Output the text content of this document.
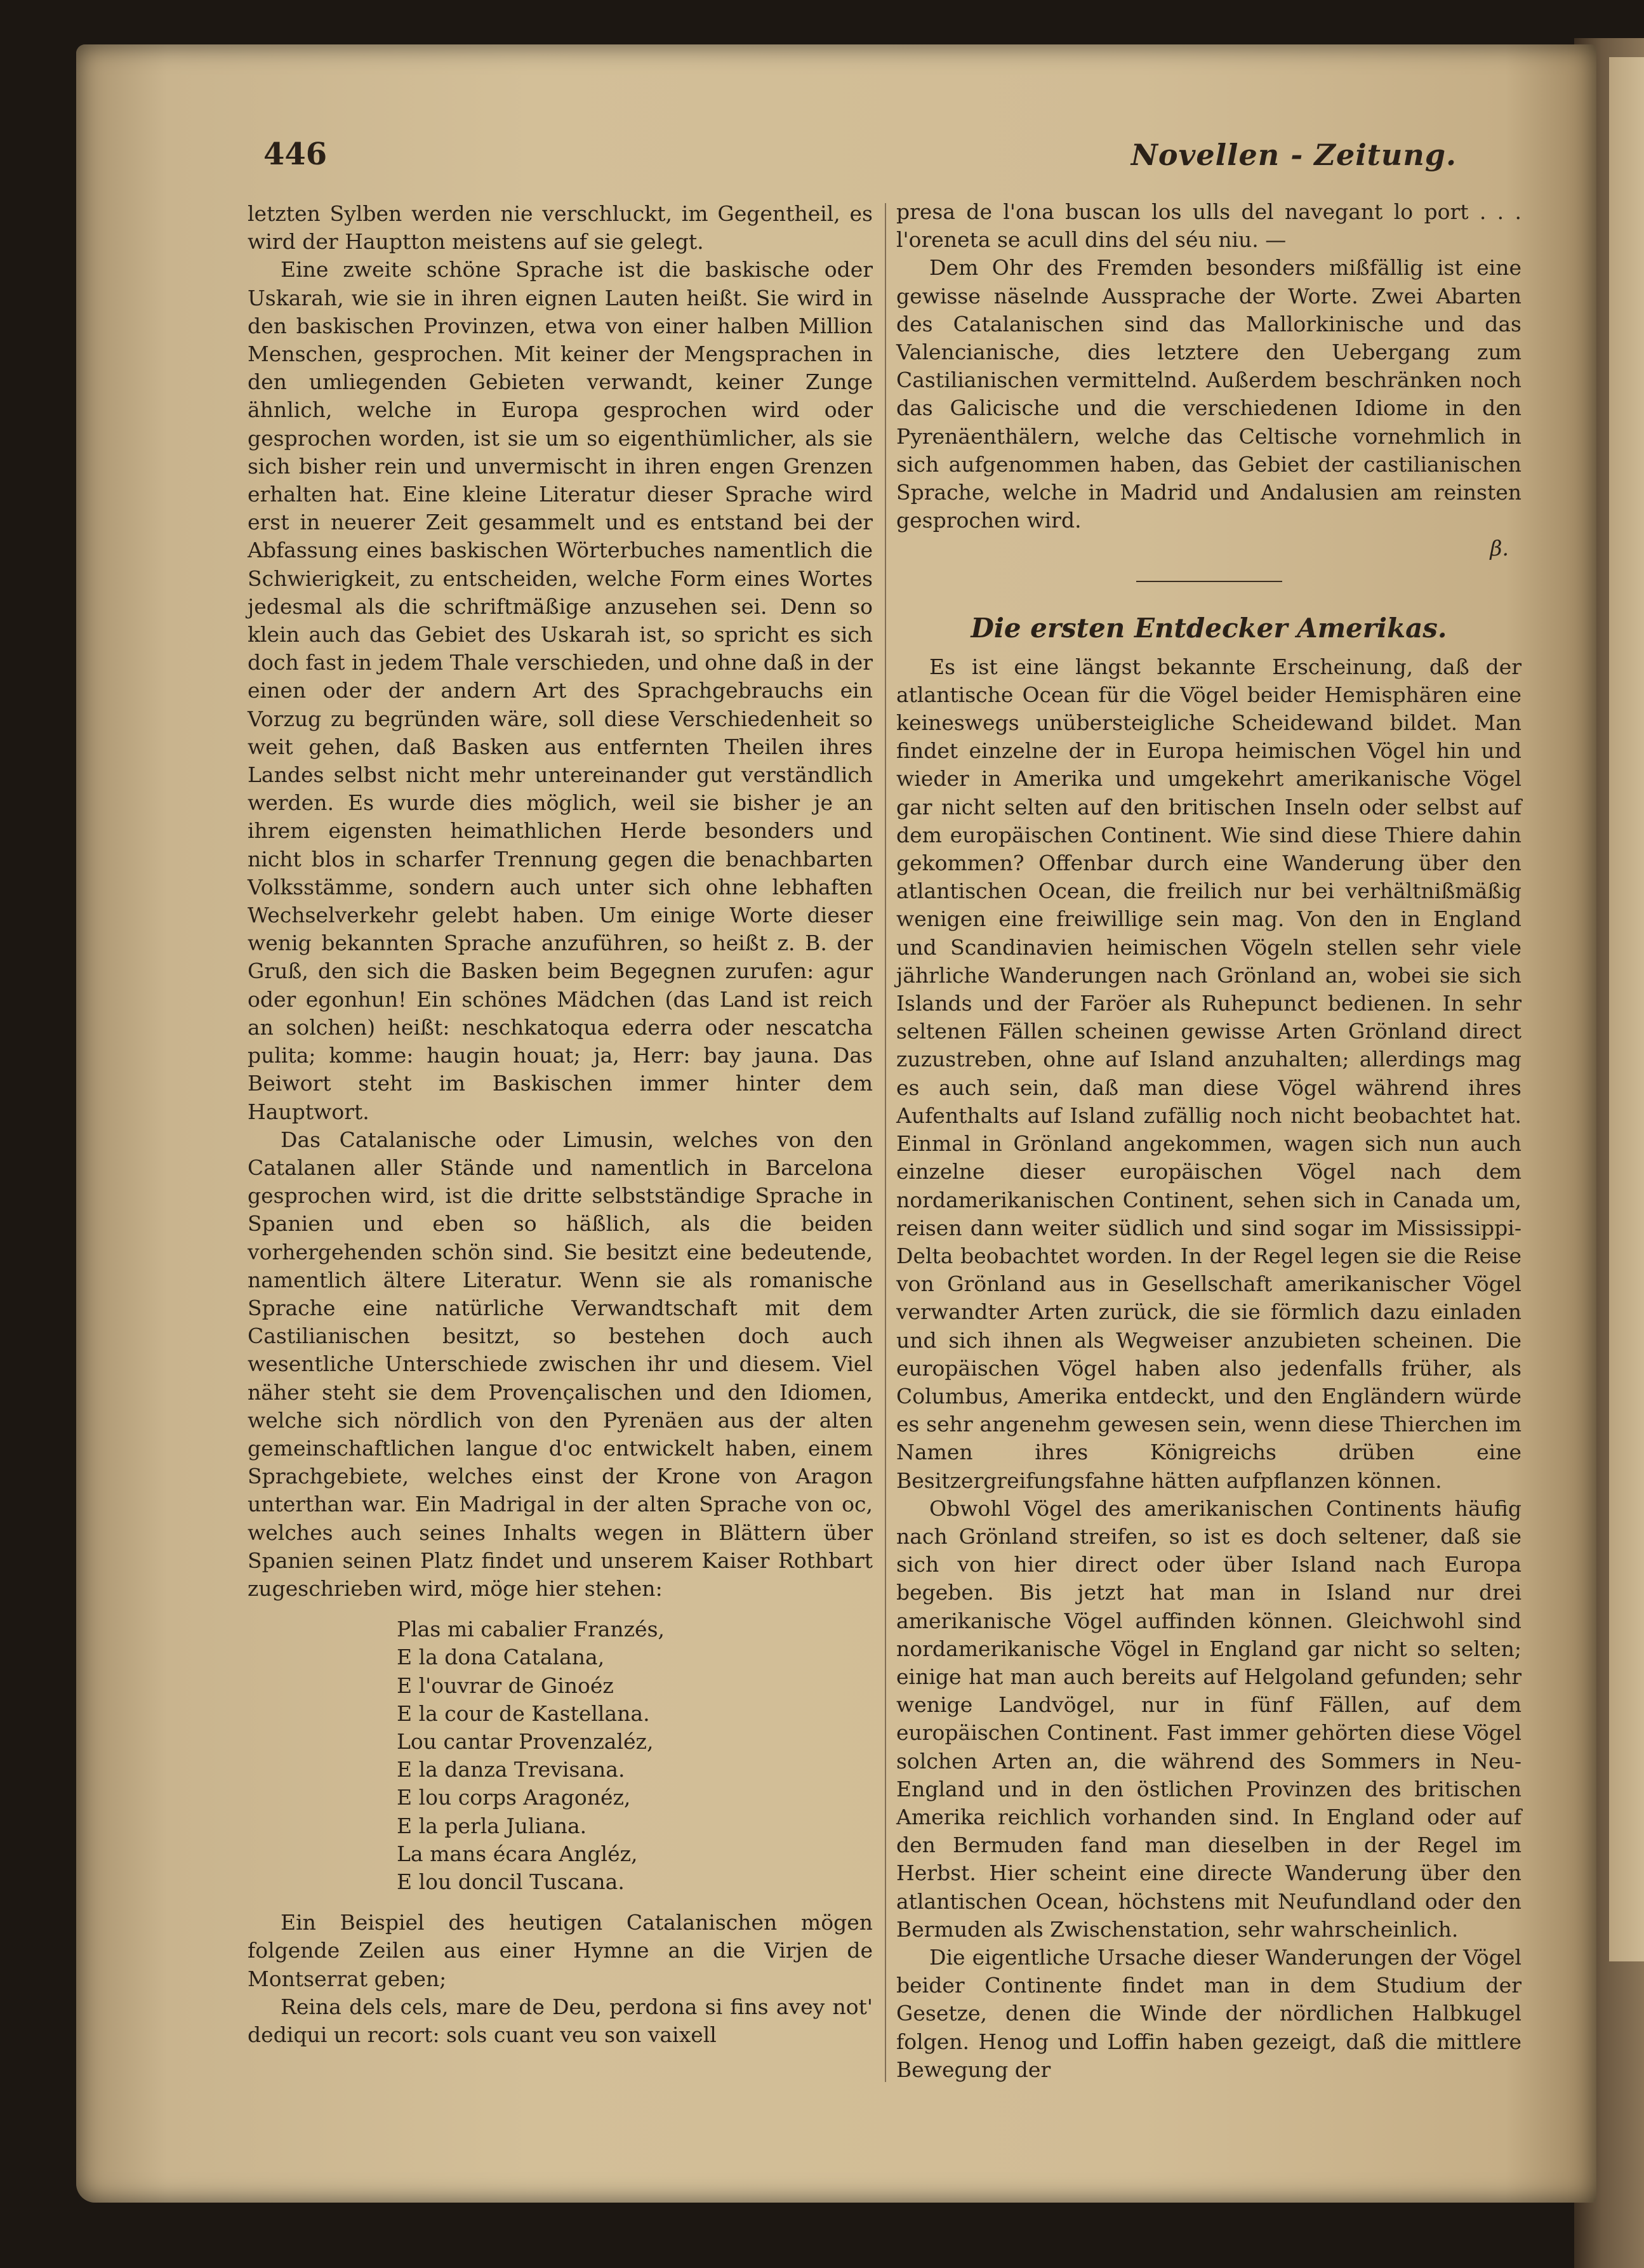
446	Novellen - Zeitung.

letzten Sylben werden nie verschluckt, im Gegentheil, es wird der Hauptton meistens auf sie gelegt.

Eine zweite schöne Sprache ist die baskische oder Uskarah, wie sie in ihren eignen Lauten heißt. Sie wird in den baskischen Provinzen, etwa von einer halben Million Menschen, gesprochen. Mit keiner der Mengsprachen in den umliegenden Gebieten verwandt, keiner Zunge ähnlich, welche in Europa gesprochen wird oder gesprochen worden, ist sie um so eigenthümlicher, als sie sich bisher rein und unvermischt in ihren engen Grenzen erhalten hat. Eine kleine Literatur dieser Sprache wird erst in neuerer Zeit gesammelt und es entstand bei der Abfassung eines baskischen Wörterbuches namentlich die Schwierigkeit, zu entscheiden, welche Form eines Wortes jedesmal als die schriftmäßige anzusehen sei. Denn so klein auch das Gebiet des Uskarah ist, so spricht es sich doch fast in jedem Thale verschieden, und ohne daß in der einen oder der andern Art des Sprachgebrauchs ein Vorzug zu begründen wäre, soll diese Verschiedenheit so weit gehen, daß Basken aus entfernten Theilen ihres Landes selbst nicht mehr untereinander gut verständlich werden. Es wurde dies möglich, weil sie bisher je an ihrem eigensten heimathlichen Herde besonders und nicht blos in scharfer Trennung gegen die benachbarten Volksstämme, sondern auch unter sich ohne lebhaften Wechselverkehr gelebt haben. Um einige Worte dieser wenig bekannten Sprache anzuführen, so heißt z. B. der Gruß, den sich die Basken beim Begegnen zurufen: agur oder egonhun! Ein schönes Mädchen (das Land ist reich an solchen) heißt: neschkatoqua ederra oder nescatcha pulita; komme: haugin houat; ja, Herr: bay jauna. Das Beiwort steht im Baskischen immer hinter dem Hauptwort.

Das Catalanische oder Limusin, welches von den Catalanen aller Stände und namentlich in Barcelona gesprochen wird, ist die dritte selbstständige Sprache in Spanien und eben so häßlich, als die beiden vorhergehenden schön sind. Sie besitzt eine bedeutende, namentlich ältere Literatur. Wenn sie als romanische Sprache eine natürliche Verwandtschaft mit dem Castilianischen besitzt, so bestehen doch auch wesentliche Unterschiede zwischen ihr und diesem. Viel näher steht sie dem Provençalischen und den Idiomen, welche sich nördlich von den Pyrenäen aus der alten gemeinschaftlichen langue d'oc entwickelt haben, einem Sprachgebiete, welches einst der Krone von Aragon unterthan war. Ein Madrigal in der alten Sprache von oc, welches auch seines Inhalts wegen in Blättern über Spanien seinen Platz findet und unserem Kaiser Rothbart zugeschrieben wird, möge hier stehen:

Plas mi cabalier Franzés,
E la dona Catalana,
E l'ouvrar de Ginoéz
E la cour de Kastellana.
Lou cantar Provenzaléz,
E la danza Trevisana.
E lou corps Aragonéz,
E la perla Juliana.
La mans écara Angléz,
E lou doncil Tuscana.

Ein Beispiel des heutigen Catalanischen mögen folgende Zeilen aus einer Hymne an die Virjen de Montserrat geben;

Reina dels cels, mare de Deu, perdona si fins avey not' dediqui un recort: sols cuant veu son vaixell

presa de l'ona buscan los ulls del navegant lo port . . . l'oreneta se acull dins del séu niu. —

Dem Ohr des Fremden besonders mißfällig ist eine gewisse näselnde Aussprache der Worte. Zwei Abarten des Catalanischen sind das Mallorkinische und das Valencianische, dies letztere den Uebergang zum Castilianischen vermittelnd. Außerdem beschränken noch das Galicische und die verschiedenen Idiome in den Pyrenäenthälern, welche das Celtische vornehmlich in sich aufgenommen haben, das Gebiet der castilianischen Sprache, welche in Madrid und Andalusien am reinsten gesprochen wird.

β.
Die ersten Entdecker Amerikas.

Es ist eine längst bekannte Erscheinung, daß der atlantische Ocean für die Vögel beider Hemisphären eine keineswegs unübersteigliche Scheidewand bildet. Man findet einzelne der in Europa heimischen Vögel hin und wieder in Amerika und umgekehrt amerikanische Vögel gar nicht selten auf den britischen Inseln oder selbst auf dem europäischen Continent. Wie sind diese Thiere dahin gekommen? Offenbar durch eine Wanderung über den atlantischen Ocean, die freilich nur bei verhältnißmäßig wenigen eine freiwillige sein mag. Von den in England und Scandinavien heimischen Vögeln stellen sehr viele jährliche Wanderungen nach Grönland an, wobei sie sich Islands und der Faröer als Ruhepunct bedienen. In sehr seltenen Fällen scheinen gewisse Arten Grönland direct zuzustreben, ohne auf Island anzuhalten; allerdings mag es auch sein, daß man diese Vögel während ihres Aufenthalts auf Island zufällig noch nicht beobachtet hat. Einmal in Grönland angekommen, wagen sich nun auch einzelne dieser europäischen Vögel nach dem nordamerikanischen Continent, sehen sich in Canada um, reisen dann weiter südlich und sind sogar im Mississippi-Delta beobachtet worden. In der Regel legen sie die Reise von Grönland aus in Gesellschaft amerikanischer Vögel verwandter Arten zurück, die sie förmlich dazu einladen und sich ihnen als Wegweiser anzubieten scheinen. Die europäischen Vögel haben also jedenfalls früher, als Columbus, Amerika entdeckt, und den Engländern würde es sehr angenehm gewesen sein, wenn diese Thierchen im Namen ihres Königreichs drüben eine Besitzergreifungsfahne hätten aufpflanzen können.

Obwohl Vögel des amerikanischen Continents häufig nach Grönland streifen, so ist es doch seltener, daß sie sich von hier direct oder über Island nach Europa begeben. Bis jetzt hat man in Island nur drei amerikanische Vögel auffinden können. Gleichwohl sind nordamerikanische Vögel in England gar nicht so selten; einige hat man auch bereits auf Helgoland gefunden; sehr wenige Landvögel, nur in fünf Fällen, auf dem europäischen Continent. Fast immer gehörten diese Vögel solchen Arten an, die während des Sommers in Neu-England und in den östlichen Provinzen des britischen Amerika reichlich vorhanden sind. In England oder auf den Bermuden fand man dieselben in der Regel im Herbst. Hier scheint eine directe Wanderung über den atlantischen Ocean, höchstens mit Neufundland oder den Bermuden als Zwischenstation, sehr wahrscheinlich.

Die eigentliche Ursache dieser Wanderungen der Vögel beider Continente findet man in dem Studium der Gesetze, denen die Winde der nördlichen Halbkugel folgen. Henog und Loffin haben gezeigt, daß die mittlere Bewegung der
